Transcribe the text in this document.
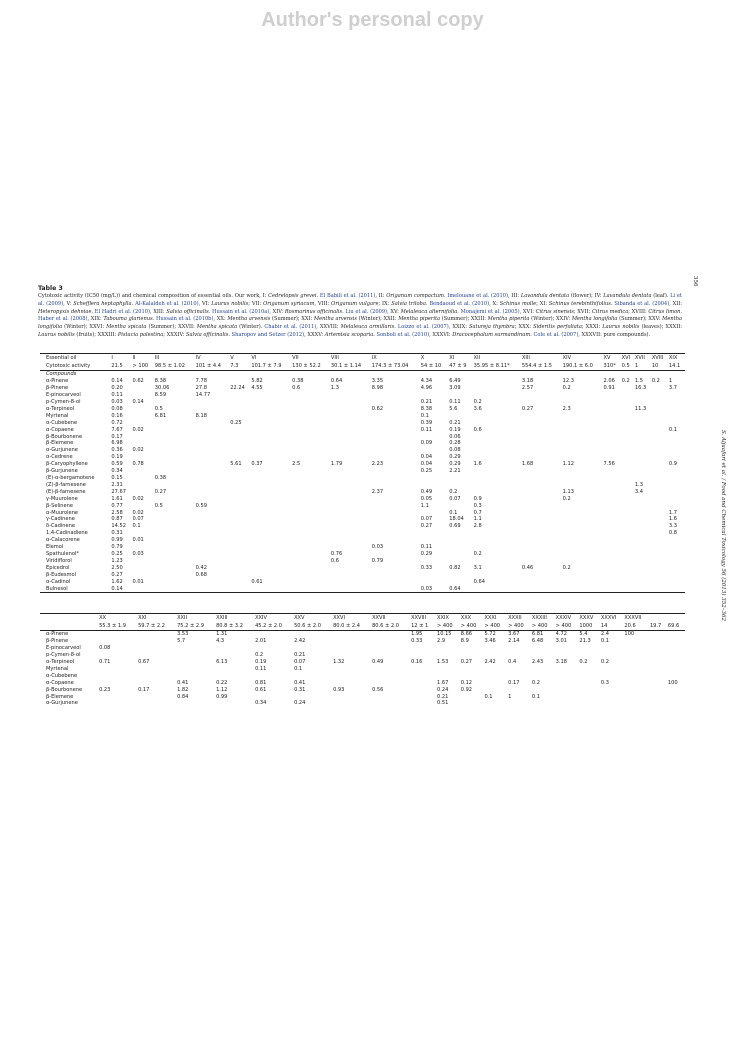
Author's personal copy
356
S. Aljaafari et al. / Food and Chemical Toxicology 56 (2013) 352–362
Table 3
Cytotoxic activity (IC50 (mg/L)) and chemical composition of essential oils. Our work, I: Cedrelopsis grevei. El Babili et al. (2011), II: Origanum compactum. Imelouane et al. (2010), III: Lavandula dentata (flower); IV: Lavandula dentata (leaf). Li et al. (2009), V: Schefflera heptaphylla. Al-Kalaldeh et al. (2010), VI: Laurus nobilis; VII: Origanum syriacum, VIII: Origanum vulgare; IX: Salvia triloba. Bendaoud et al. (2010), X: Schinus molle; XI: Schinus terebinthifolius. Sibanda et al. (2004), XII: Heteropyxis dehniae. El Hadri et al. (2010), XIII: Salvia officinalis. Hussain et al. (2010a), XIV: Rosmarinus officinalis. Liu et al. (2009), XV: Melaleuca alternifolia. Monajemi et al. (2005), XVI: Citrus sinensis; XVII: Citrus medica; XVIII: Citrus limon. Haber et al. (2008), XIX: Tabouma glarienus. Hussain et al. (2010b), XX: Mentha arvensis (Summer); XXI: Mentha arvensis (Winter); XXII: Mentha piperita (Summer); XXIII: Mentha piperita (Winter); XXIV: Mentha longifolia (Summer); XXV: Mentha longifolia (Winter); XXVI: Mentha spicata (Summer); XXVII: Mentha spicata (Winter). Chabir et al. (2011), XXVIII: Melaleuca armillaris. Loizzo et al. (2007), XXIX: Satureja thymbra; XXX: Sideritis perfoliata; XXXI: Laurus nobilis (leaves); XXXII: Laurus nobilis (fruits); XXXIII: Pistacia palestina; XXXIV: Salvia officinalis. Sharopov and Setzer (2012), XXXV: Artemisia scoparia. Sonboli et al. (2010), XXXVI: Dracocephalum surmandinum. Cole et al. (2007), XXXVII: pure compounds).
Essential oil	I	II	III	IV	V	VI	VII	VIII	IX	X	XI	XII	XIII	XIV	XV	XVI	XVII	XVIII	XIX
Cytotoxic activity	21.5	> 100	98.5 ± 1.02	101 ± 4.4	7.3	101.7 ± 7.9	130 ± 52.2	30.1 ± 1.14	174.3 ± 73.04	54 ± 10	47 ± 9	35.95 ± 8.11*	554.4 ± 1.5	190.1 ± 6.0	310*	0.5	1	10	14.1
Compounds																			
α-Pinene	0.14	0.62	8.38	7.78		5.82	0.38	0.64	3.35	4.34	6.49		3.18	12.3	2.06	0.2	1.5	0.2	1
β-Pinene	0.20		30.06	27.8	22.24	4.55	0.6	1.3	8.98	4.96	3.09		2.57	0.2	0.91		16.3		3.7
E-pinocarveol	0.11		8.59	14.77															
p-Cymen-8-ol	0.03	0.14								0.21	0.11	0.2							
α-Terpineol	0.08		0.5						0.62	8.38	5.6	3.6	0.27	2.3			11.3		
Myrtenal	0.16		6.81	8.18						0.1									
α-Cubebene	0.72				0.25					0.39	0.21								
α-Copaene	7.67	0.02								0.11	0.19	0.6							0.1
β-Bourbonene	0.17										0.06								
β-Elemene	6.98									0.09	0.28								
α-Gurjunene	0.36	0.02									0.08								
α-Cedrene	0.19									0.04	0.29								
β-Caryophyllene	0.59	0.78			5.61	0.37	2.5	1.79	2.23	0.04	0.29	1.6	1.68	1.12	7.56				0.9
β-Gurjunene	0.34									0.25	2.21								
(E)-α-bergamotene	0.15		0.38																
(Z)-β-farnesene	2.31																1.3		
(E)-β-farnesene	27.67		0.27						2.37	0.49	0.2			1.13			3.4		
γ-Muurolene	1.61	0.02								0.05	0.07	0.9		0.2					
β-Selinene	0.77		0.5	0.59						1.1		0.3							
α-Muurolene	2.58	0.02									0.1	0.7							1.7
γ-Cadinene	0.87	0.07								0.07	18.04	1.1							1.6
δ-Cadinene	14.52	0.1								0.27	0.69	2.8							3.3
1,4-Cadinadiene	0.31																		0.8
α-Calacorene	0.99	0.01																	
Elemol	0.79								0.03	0.11									
Spathulenol*	0.25	0.03						0.76		0.29		0.2							
Viridiflorol	1.23							0.6	0.79										
Epicedrol	2.50			0.42						0.33	0.82	3.1	0.46	0.2					
β-Eudesmol	0.27			0.68															
α-Cadinol	1.62	0.01				0.61						0.64							
Bulnesol	0.14									0.03	0.64								
	XX	XXI	XXII	XXIII	XXIV	XXV	XXVI	XXVII	XXVIII	XXIX	XXX	XXXI	XXXII	XXXIII	XXXIV	XXXV	XXXVI	XXXVII		
	55.3 ± 1.9	59.7 ± 2.2	75.2 ± 2.9	80.8 ± 3.2	45.2 ± 2.0	50.6 ± 2.0	80.0 ± 2.4	80.6 ± 2.0	12 ± 1	> 400	> 400	> 400	> 400	> 400	> 400	1000	14	20.6	19.7	69.6
α-Pinene			3.53	1.31					1.95	10.15	8.66	5.72	3.67	6.81	4.72	5.4	2.4	100		
β-Pinene			5.7	4.3	2.01	2.42			0.33	2.9	8.9	3.46	2.14	6.48	3.01	21.3	0.1			
E-pinocarveol	0.08																			
p-Cymen-8-ol					0.2	0.21														
α-Terpineol	0.71	0.67		6.13	0.19	0.07	1.32	0.49	0.16	1.53	0.27	2.42	0.4	2.43	3.18	0.2	0.2			
Myrtenal					0.11	0.1														
α-Cubebene																				
α-Copaene			0.41	0.22	0.81	0.41				1.67	0.12		0.17	0.2			0.3			100
β-Bourbonene	0.23	0.17	1.82	1.12	0.61	0.31	0.93	0.56		0.24	0.92									
β-Elemene			0.84	0.99						0.21		0.1	1	0.1						
α-Gurjunene					0.34	0.24				0.51										
